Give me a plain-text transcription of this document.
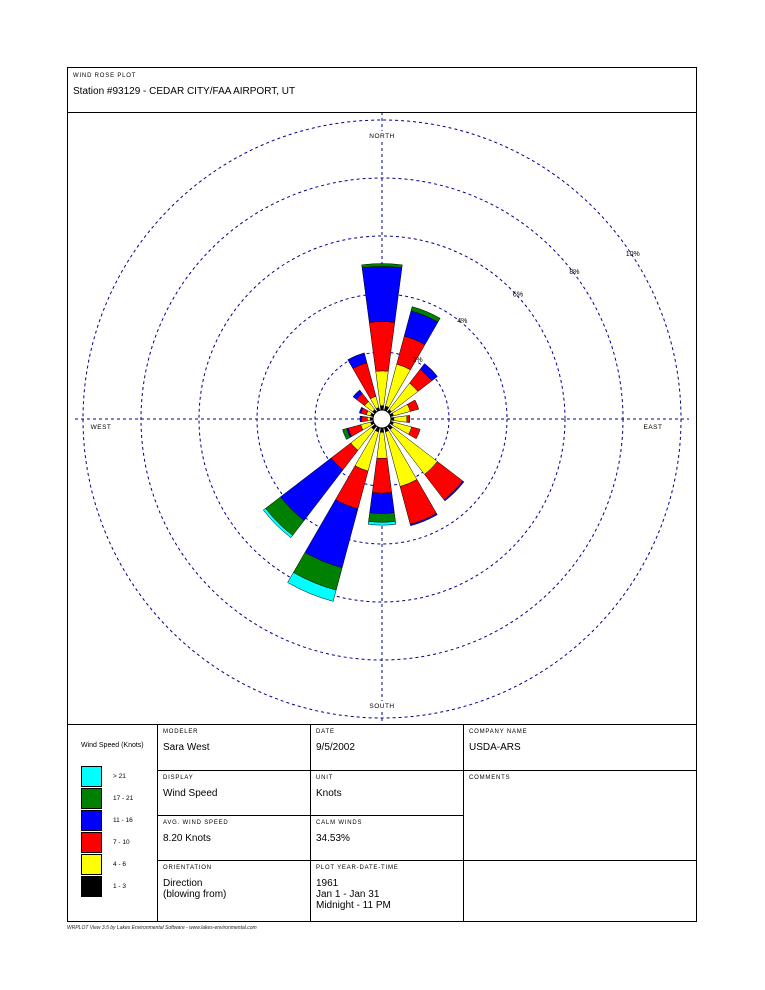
WIND ROSE PLOT
Station #93129 - CEDAR CITY/FAA AIRPORT, UT
2%
4%
6%
8%
10%
NORTH
SOUTH
EAST
WEST
Wind Speed (Knots)
> 21
17 - 21
11 - 16
7 - 10
4 - 6
1 - 3
MODELER
Sara West
DATE
9/5/2002
COMPANY NAME
USDA-ARS
DISPLAY
Wind Speed
UNIT
Knots
COMMENTS
AVG. WIND SPEED
8.20 Knots
CALM WINDS
34.53%
ORIENTATION
Direction
(blowing from)
PLOT YEAR-DATE-TIME
1961
Jan 1 - Jan 31
Midnight - 11 PM
WRPLOT View 3.5 by Lakes Environmental Software - www.lakes-environmental.com
